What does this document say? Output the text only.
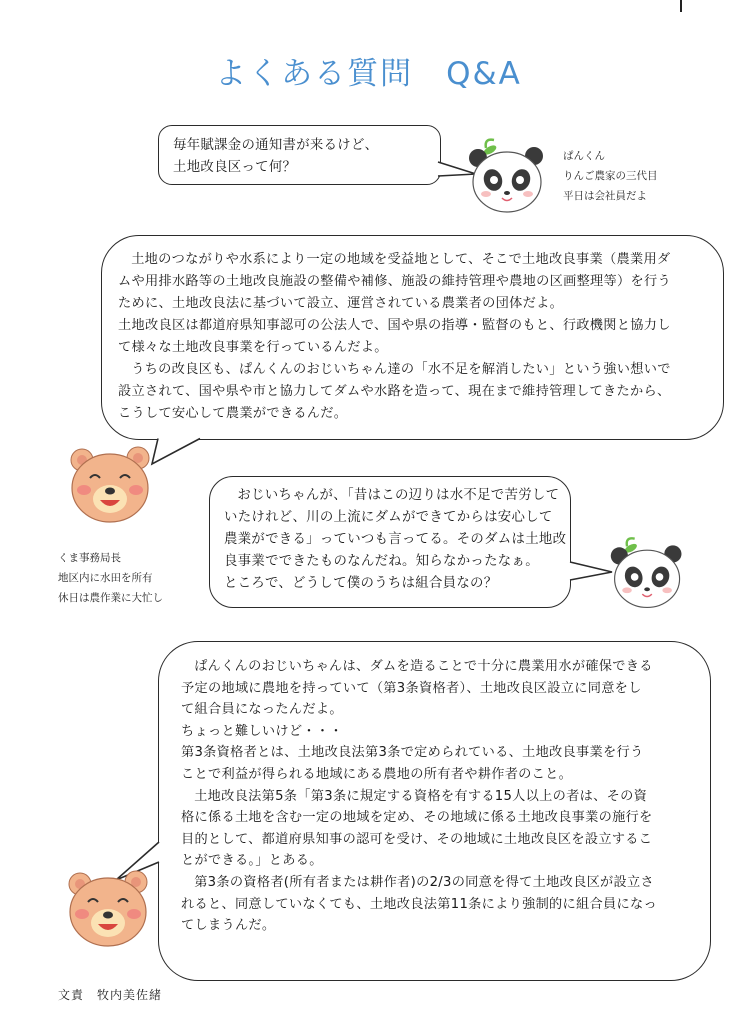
よくある質問　Q&A

毎年賦課金の通知書が来るけど、

土地改良区って何？

ぱんくん
りんご農家の三代目
平日は会社員だよ

土地のつながりや水系により一定の地域を受益地として、そこで土地改良事業（農業用ダ

ムや用排水路等の土地改良施設の整備や補修、施設の維持管理や農地の区画整理等）を行う

ために、土地改良法に基づいて設立、運営されている農業者の団体だよ。

土地改良区は都道府県知事認可の公法人で、国や県の指導・監督のもと、行政機関と協力し

て様々な土地改良事業を行っているんだよ。

うちの改良区も、ぱんくんのおじいちゃん達の「水不足を解消したい」という強い想いで

設立されて、国や県や市と協力してダムや水路を造って、現在まで維持管理してきたから、

こうして安心して農業ができるんだ。

くま事務局長
地区内に水田を所有
休日は農作業に大忙し

おじいちゃんが、「昔はこの辺りは水不足で苦労して

いたけれど、川の上流にダムができてからは安心して

農業ができる」っていつも言ってる。そのダムは土地改

良事業でできたものなんだね。知らなかったなぁ。

ところで、どうして僕のうちは組合員なの？

ぱんくんのおじいちゃんは、ダムを造ることで十分に農業用水が確保できる

予定の地域に農地を持っていて（第3条資格者）、土地改良区設立に同意をし

て組合員になったんだよ。

ちょっと難しいけど・・・

第3条資格者とは、土地改良法第3条で定められている、土地改良事業を行う

ことで利益が得られる地域にある農地の所有者や耕作者のこと。

土地改良法第5条「第3条に規定する資格を有する15人以上の者は、その資

格に係る土地を含む一定の地域を定め、その地域に係る土地改良事業の施行を

目的として、都道府県知事の認可を受け、その地域に土地改良区を設立するこ

とができる。」とある。

第3条の資格者(所有者または耕作者)の2/3の同意を得て土地改良区が設立さ

れると、同意していなくても、土地改良法第11条により強制的に組合員になっ

てしまうんだ。

文責　牧内美佐緒
